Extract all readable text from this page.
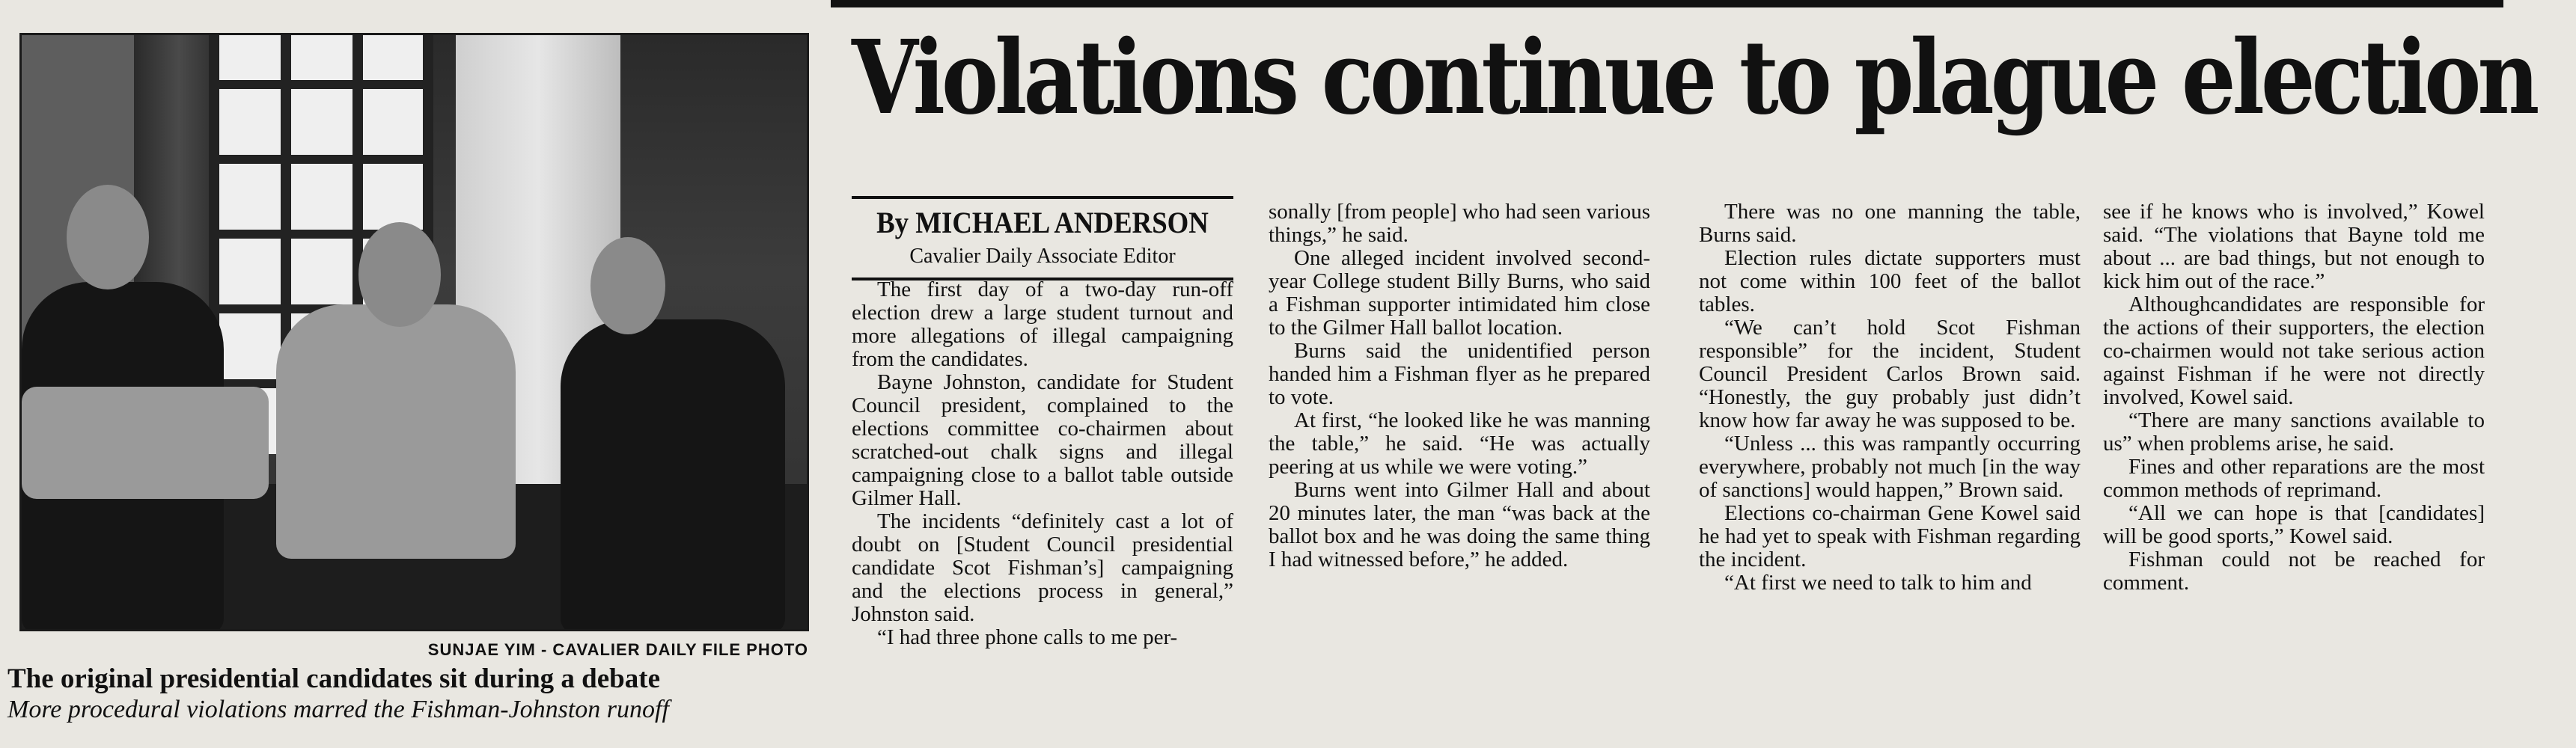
SUNJAE YIM - CAVALIER DAILY FILE PHOTO
The original presidential candidates sit during a debate
More procedural violations marred the Fishman-Johnston runoff
Violations continue to plague election
By MICHAEL ANDERSON
Cavalier Daily Associate Editor

The first day of a two-day run-off election drew a large student turnout and more allegations of illegal campaigning from the candidates.

Bayne Johnston, candidate for Student Council president, complained to the elections committee co-chairmen about scratched-out chalk signs and illegal campaigning close to a ballot table outside Gilmer Hall.

The incidents “definitely cast a lot of doubt on [Student Council presidential candidate Scot Fishman’s] campaigning and the elections process in general,” Johnston said.

“I had three phone calls to me per-

sonally [from people] who had seen various things,” he said.

One alleged incident involved second-year College student Billy Burns, who said a Fishman supporter intimidated him close to the Gilmer Hall ballot location.

Burns said the unidentified person handed him a Fishman flyer as he prepared to vote.

At first, “he looked like he was manning the table,” he said. “He was actually peering at us while we were voting.”

Burns went into Gilmer Hall and about 20 minutes later, the man “was back at the ballot box and he was doing the same thing I had witnessed before,” he added.

There was no one manning the table, Burns said.

Election rules dictate supporters must not come within 100 feet of the ballot tables.

“We can’t hold Scot Fishman responsible” for the incident, Student Council President Carlos Brown said. “Honestly, the guy probably just didn’t know how far away he was supposed to be.

“Unless ... this was rampantly occurring everywhere, probably not much [in the way of sanctions] would happen,” Brown said.

Elections co-chairman Gene Kowel said he had yet to speak with Fishman regarding the incident.

“At first we need to talk to him and

see if he knows who is involved,” Kowel said. “The violations that Bayne told me about ... are bad things, but not enough to kick him out of the race.”

Althoughcandidates are responsible for the actions of their supporters, the election co-chairmen would not take serious action against Fishman if he were not directly involved, Kowel said.

“There are many sanctions available to us” when problems arise, he said.

Fines and other reparations are the most common methods of reprimand.

“All we can hope is that [candidates] will be good sports,” Kowel said.

Fishman could not be reached for comment.
